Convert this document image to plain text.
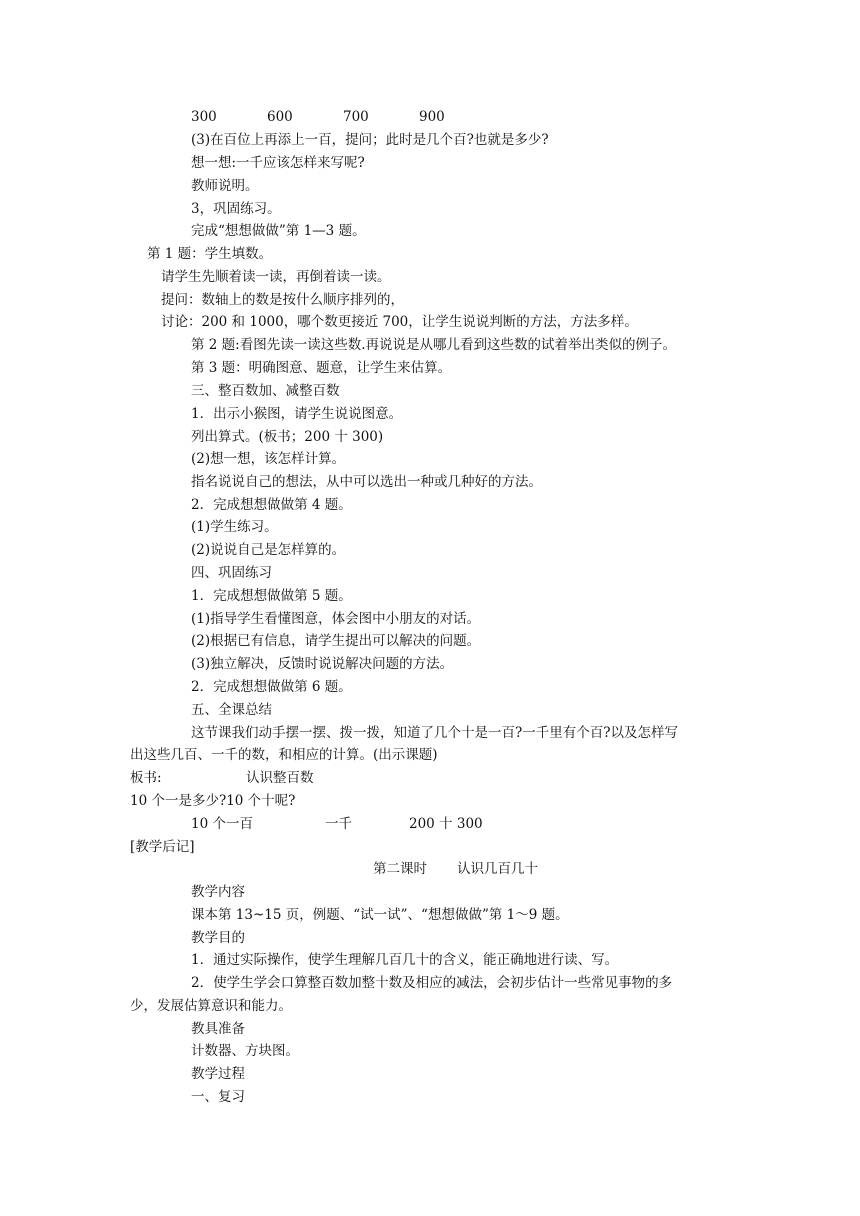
300	600	700	900
(3)在百位上再添上一百，提问；此时是几个百?也就是多少?
想一想:一千应该怎样来写呢?
教师说明。
3，巩固练习。
完成“想想做做”第 1—3 题。
第 1 题：学生填数。
请学生先顺着读一读，再倒着读一读。
提问：数轴上的数是按什么顺序排列的，
讨论：200 和 1000，哪个数更接近 700，让学生说说判断的方法，方法多样。
第 2 题:看图先读一读这些数.再说说是从哪儿看到这些数的试着举出类似的例子。
第 3 题：明确图意、题意，让学生来估算。
三、整百数加、减整百数
1．出示小猴图，请学生说说图意。
列出算式。(板书；200 十 300)
(2)想一想，该怎样计算。
指名说说自己的想法，从中可以选出一种或几种好的方法。
2．完成想想做做第 4 题。
(1)学生练习。
(2)说说自己是怎样算的。
四、巩固练习
1．完成想想做做第 5 题。
(1)指导学生看懂图意，体会图中小朋友的对话。
(2)根据已有信息，请学生提出可以解决的问题。
(3)独立解决，反馈时说说解决问题的方法。
2．完成想想做做第 6 题。
五、全课总结
这节课我们动手摆一摆、拨一拨，知道了几个十是一百?一千里有个百?以及怎样写
出这些几百、一千的数，和相应的计算。(出示课题)
板书:	认识整百数
10 个一是多少?10 个十呢?
10 个一百	一千	200 十 300
[教学后记]
第二课时 认识几百几十
教学内容
课本第 13~15 页，例题、“试一试”、“想想做做”第 1～9 题。
教学目的
1．通过实际操作，使学生理解几百几十的含义，能正确地进行读、写。
2．使学生学会口算整百数加整十数及相应的减法，会初步估计一些常见事物的多
少，发展估算意识和能力。
教具准备
计数器、方块图。
教学过程
一、复习
